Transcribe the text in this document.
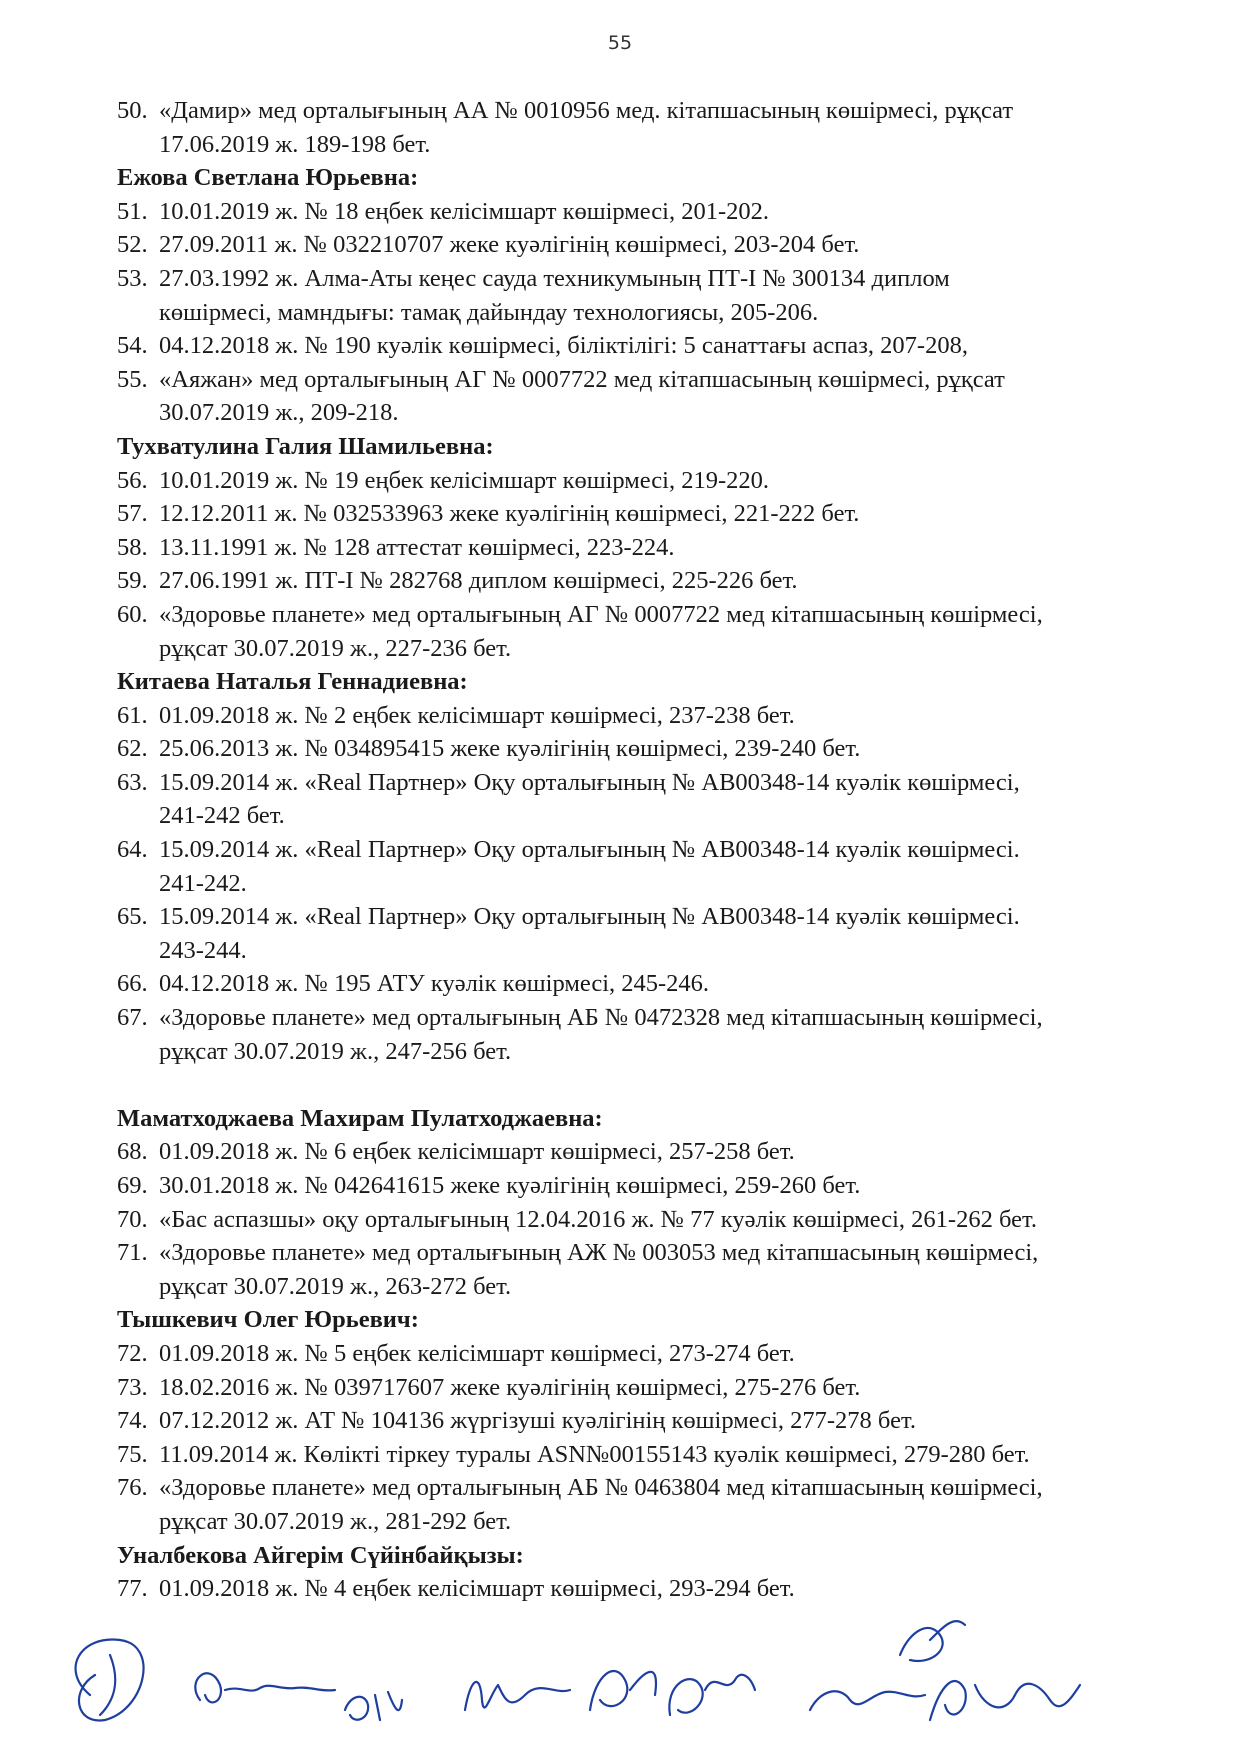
55
50. «Дамир» мед орталығының АА № 0010956 мед. кітапшасының көшірмесі, рұқсат
17.06.2019 ж. 189-198 бет.
Ежова Светлана Юрьевна:
51. 10.01.2019 ж. № 18 еңбек келісімшарт көшірмесі, 201-202.
52. 27.09.2011 ж. № 032210707 жеке куәлігінің көшірмесі, 203-204 бет.
53. 27.03.1992 ж. Алма-Аты кеңес сауда техникумының ПТ-I № 300134 диплом
көшірмесі, мамндығы: тамақ дайындау технологиясы, 205-206.
54. 04.12.2018 ж. № 190 куәлік көшірмесі, біліктілігі: 5 санаттағы аспаз, 207-208,
55. «Аяжан» мед орталығының АГ № 0007722 мед кітапшасының көшірмесі, рұқсат
30.07.2019 ж., 209-218.
Тухватулина Галия Шамильевна:
56. 10.01.2019 ж. № 19 еңбек келісімшарт көшірмесі, 219-220.
57. 12.12.2011 ж. № 032533963 жеке куәлігінің көшірмесі, 221-222 бет.
58. 13.11.1991 ж. № 128 аттестат көшірмесі, 223-224.
59. 27.06.1991 ж. ПТ-I № 282768 диплом көшірмесі, 225-226 бет.
60. «Здоровье планете» мед орталығының АГ № 0007722 мед кітапшасының көшірмесі,
рұқсат 30.07.2019 ж., 227-236 бет.
Китаева Наталья Геннадиевна:
61. 01.09.2018 ж. № 2 еңбек келісімшарт көшірмесі, 237-238 бет.
62. 25.06.2013 ж. № 034895415 жеке куәлігінің көшірмесі, 239-240 бет.
63. 15.09.2014 ж. «Real Партнер» Оқу орталығының № АВ00348-14 куәлік көшірмесі,
241-242 бет.
64. 15.09.2014 ж. «Real Партнер» Оқу орталығының № АВ00348-14 куәлік көшірмесі.
241-242.
65. 15.09.2014 ж. «Real Партнер» Оқу орталығының № АВ00348-14 куәлік көшірмесі.
243-244.
66. 04.12.2018 ж. № 195 АТУ куәлік көшірмесі, 245-246.
67. «Здоровье планете» мед орталығының АБ № 0472328 мед кітапшасының көшірмесі,
рұқсат 30.07.2019 ж., 247-256 бет.
Маматходжаева Махирам Пулатходжаевна:
68. 01.09.2018 ж. № 6 еңбек келісімшарт көшірмесі, 257-258 бет.
69. 30.01.2018 ж. № 042641615 жеке куәлігінің көшірмесі, 259-260 бет.
70. «Бас аспазшы» оқу орталығының 12.04.2016 ж. № 77 куәлік көшірмесі, 261-262 бет.
71. «Здоровье планете» мед орталығының АЖ № 003053 мед кітапшасының көшірмесі,
рұқсат 30.07.2019 ж., 263-272 бет.
Тышкевич Олег Юрьевич:
72. 01.09.2018 ж. № 5 еңбек келісімшарт көшірмесі, 273-274 бет.
73. 18.02.2016 ж. № 039717607 жеке куәлігінің көшірмесі, 275-276 бет.
74. 07.12.2012 ж. АТ № 104136 жүргізуші куәлігінің көшірмесі, 277-278 бет.
75. 11.09.2014 ж. Көлікті тіркеу туралы ASN№00155143 куәлік көшірмесі, 279-280 бет.
76. «Здоровье планете» мед орталығының АБ № 0463804 мед кітапшасының көшірмесі,
рұқсат 30.07.2019 ж., 281-292 бет.
Уналбекова Айгерім Сүйінбайқызы:
77. 01.09.2018 ж. № 4 еңбек келісімшарт көшірмесі, 293-294 бет.
